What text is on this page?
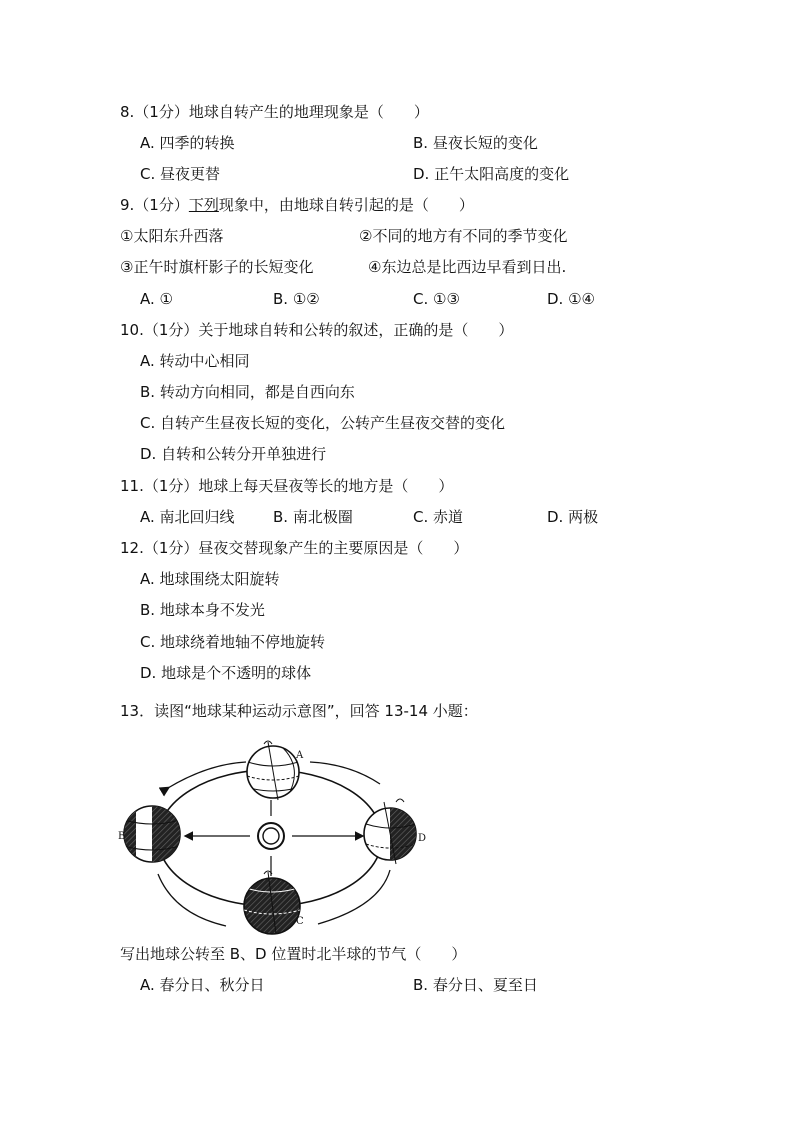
8.（1分）地球自转产生的地理现象是（　　）
A. 四季的转换	B. 昼夜长短的变化
C. 昼夜更替	D. 正午太阳高度的变化
9.（1分）下列现象中，由地球自转引起的是（　　）
①太阳东升西落	②不同的地方有不同的季节变化
③正午时旗杆影子的长短变化	④东边总是比西边早看到日出.
A. ①	B. ①②	C. ①③	D. ①④
10.（1分）关于地球自转和公转的叙述，正确的是（　　）
A. 转动中心相同
B. 转动方向相同，都是自西向东
C. 自转产生昼夜长短的变化，公转产生昼夜交替的变化
D. 自转和公转分开单独进行
11.（1分）地球上每天昼夜等长的地方是（　　）
A. 南北回归线	B. 南北极圈	C. 赤道	D. 两极
12.（1分）昼夜交替现象产生的主要原因是（　　）
A. 地球围绕太阳旋转
B. 地球本身不发光
C. 地球绕着地轴不停地旋转
D. 地球是个不透明的球体
13．读图“地球某种运动示意图”，回答 13-14 小题：
A
B
C
D
写出地球公转至 B、D 位置时北半球的节气（　　）
A. 春分日、秋分日	B. 春分日、夏至日
